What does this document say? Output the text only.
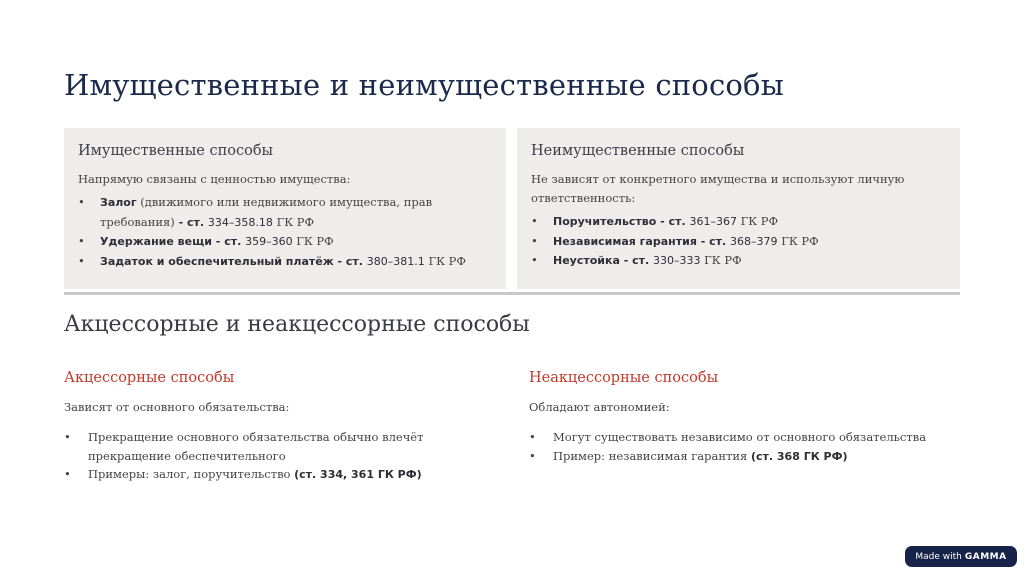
Имущественные и неимущественные способы
Имущественные способы
Напрямую связаны с ценностью имущества:
• Залог (движимого или недвижимого имущества, прав требования) - ст. 334–358.18 ГК РФ
• Удержание вещи - ст. 359–360 ГК РФ
• Задаток и обеспечительный платёж - ст. 380–381.1 ГК РФ
Неимущественные способы
Не зависят от конкретного имущества и используют личную ответственность:
• Поручительство - ст. 361–367 ГК РФ
• Независимая гарантия - ст. 368–379 ГК РФ
• Неустойка - ст. 330–333 ГК РФ
Акцессорные и неакцессорные способы
Акцессорные способы
Зависят от основного обязательства:
• Прекращение основного обязательства обычно влечёт прекращение обеспечительного
• Примеры: залог, поручительство (ст. 334, 361 ГК РФ)
Неакцессорные способы
Обладают автономией:
• Могут существовать независимо от основного обязательства
• Пример: независимая гарантия (ст. 368 ГК РФ)
Made with GAMMA
